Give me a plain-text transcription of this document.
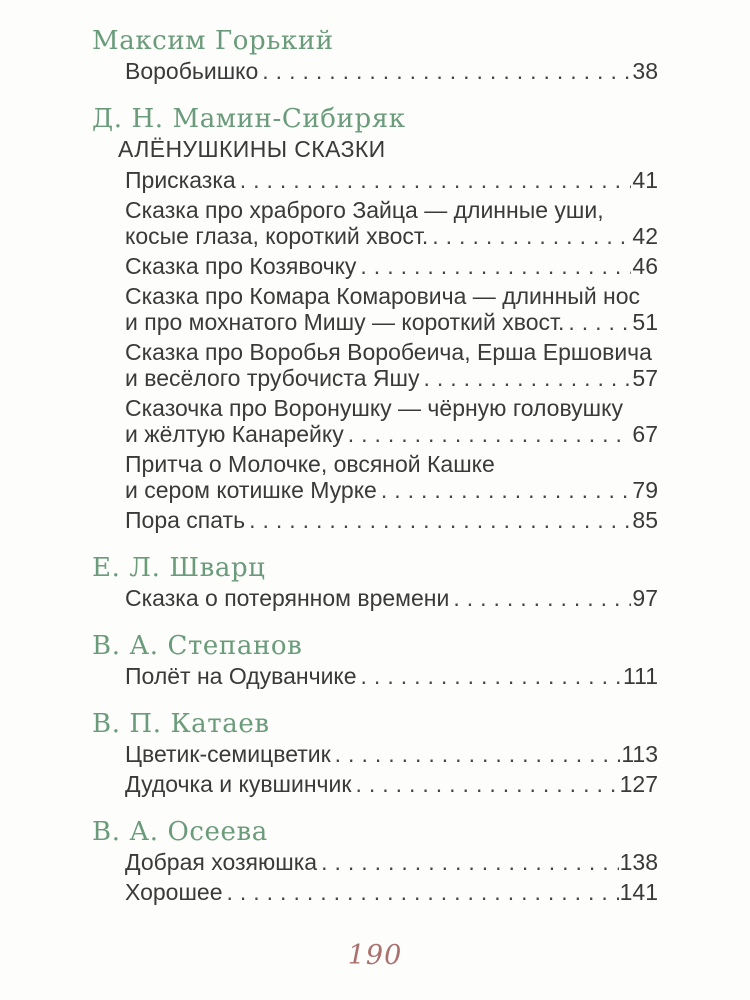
Максим Горький
Воробьишко .....	38
Д. Н. Мамин-Сибиряк
АЛЁНУШКИНЫ СКАЗКИ
Присказка .....	41
Сказка про храброго Зайца — длинные уши,
косые глаза, короткий хвост. .....	42
Сказка про Козявочку .....	46
Сказка про Комара Комаровича — длинный нос
и про мохнатого Мишу — короткий хвост. .....	51
Сказка про Воробья Воробеича, Ерша Ершовича
и весёлого трубочиста Яшу .....	57
Сказочка про Воронушку — чёрную головушку
и жёлтую Канарейку .....	67
Притча о Молочке, овсяной Кашке
и сером котишке Мурке .....	79
Пора спать .....	85
Е. Л. Шварц
Сказка о потерянном времени .....	97
В. А. Степанов
Полёт на Одуванчике .....	111
В. П. Катаев
Цветик-семицветик .....	113
Дудочка и кувшинчик .....	127
В. А. Осеева
Добрая хозяюшка .....	138
Хорошее .....	141
190
